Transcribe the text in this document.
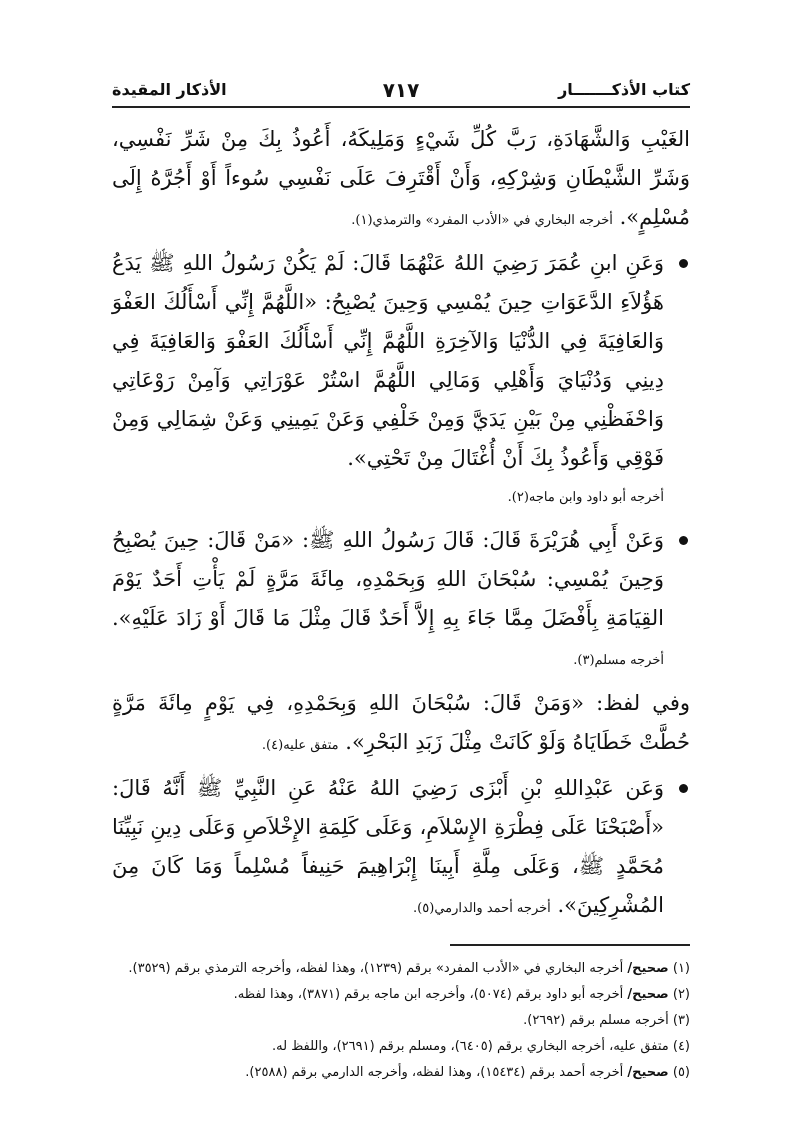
كتاب الأذكـــــــار
٧١٧
الأذكار المقيدة

الغَيْبِ وَالشَّهَادَةِ، رَبَّ كُلِّ شَيْءٍ وَمَلِيكَهُ، أَعُوذُ بِكَ مِنْ شَرِّ نَفْسِي، وَشَرِّ الشَّيْطَانِ وَشِرْكِهِ، وَأَنْ أَقْتَرِفَ عَلَى نَفْسِي سُوءاً أَوْ أَجُرَّهُ إِلَى مُسْلِمٍ». أخرجه البخاري في «الأدب المفرد» والترمذي(١).

وَعَنِ ابنِ عُمَرَ رَضِيَ اللهُ عَنْهُمَا قَالَ: لَمْ يَكُنْ رَسُولُ اللهِ ﷺ يَدَعُ هَؤُلاَءِ الدَّعَوَاتِ حِينَ يُمْسِي وَحِينَ يُصْبِحُ: «اللَّهُمَّ إِنِّي أَسْأَلُكَ العَفْوَ وَالعَافِيَةَ فِي الدُّنْيَا وَالآخِرَةِ اللَّهُمَّ إِنِّي أَسْأَلُكَ العَفْوَ وَالعَافِيَةَ فِي دِينِي وَدُنْيَايَ وَأَهْلِي وَمَالِي اللَّهُمَّ اسْتُرْ عَوْرَاتِي وَآمِنْ رَوْعَاتِي وَاحْفَظْنِي مِنْ بَيْنِ يَدَيَّ وَمِنْ خَلْفِي وَعَنْ يَمِينِي وَعَنْ شِمَالِي وَمِنْ فَوْقِي وَأَعُوذُ بِكَ أَنْ أُغْتَالَ مِنْ تَحْتِي».
أخرجه أبو داود وابن ماجه(٢).

وَعَنْ أَبِي هُرَيْرَةَ قَالَ: قَالَ رَسُولُ اللهِ ﷺ: «مَنْ قَالَ: حِينَ يُصْبِحُ وَحِينَ يُمْسِي: سُبْحَانَ اللهِ وَبِحَمْدِهِ، مِائَةَ مَرَّةٍ لَمْ يَأْتِ أَحَدٌ يَوْمَ القِيَامَةِ بِأَفْضَلَ مِمَّا جَاءَ بِهِ إِلاَّ أَحَدٌ قَالَ مِثْلَ مَا قَالَ أَوْ زَادَ عَلَيْهِ». أخرجه مسلم(٣).

وفي لفظ: «وَمَنْ قَالَ: سُبْحَانَ اللهِ وَبِحَمْدِهِ، فِي يَوْمٍ مِائَةَ مَرَّةٍ حُطَّتْ خَطَايَاهُ وَلَوْ كَانَتْ مِثْلَ زَبَدِ البَحْرِ». متفق عليه(٤).

وَعَن عَبْدِاللهِ بْنِ أَبْزَى رَضِيَ اللهُ عَنْهُ عَنِ النَّبِيِّ ﷺ أَنَّهُ قَالَ: «أَصْبَحْنَا عَلَى فِطْرَةِ الإِسْلاَمِ، وَعَلَى كَلِمَةِ الإِخْلاَصِ وَعَلَى دِينِ نَبِيِّنَا مُحَمَّدٍ ﷺ، وَعَلَى مِلَّةِ أَبِينَا إِبْرَاهِيمَ حَنِيفاً مُسْلِماً وَمَا كَانَ مِنَ المُشْرِكِينَ». أخرجه أحمد والدارمي(٥).

(١) صحيح/ أخرجه البخاري في «الأدب المفرد» برقم (١٢٣٩)، وهذا لفظه، وأخرجه الترمذي برقم (٣٥٢٩).

(٢) صحيح/ أخرجه أبو داود برقم (٥٠٧٤)، وأخرجه ابن ماجه برقم (٣٨٧١)، وهذا لفظه.

(٣) أخرجه مسلم برقم (٢٦٩٢).

(٤) متفق عليه، أخرجه البخاري برقم (٦٤٠٥)، ومسلم برقم (٢٦٩١)، واللفظ له.

(٥) صحيح/ أخرجه أحمد برقم (١٥٤٣٤)، وهذا لفظه، وأخرجه الدارمي برقم (٢٥٨٨).
